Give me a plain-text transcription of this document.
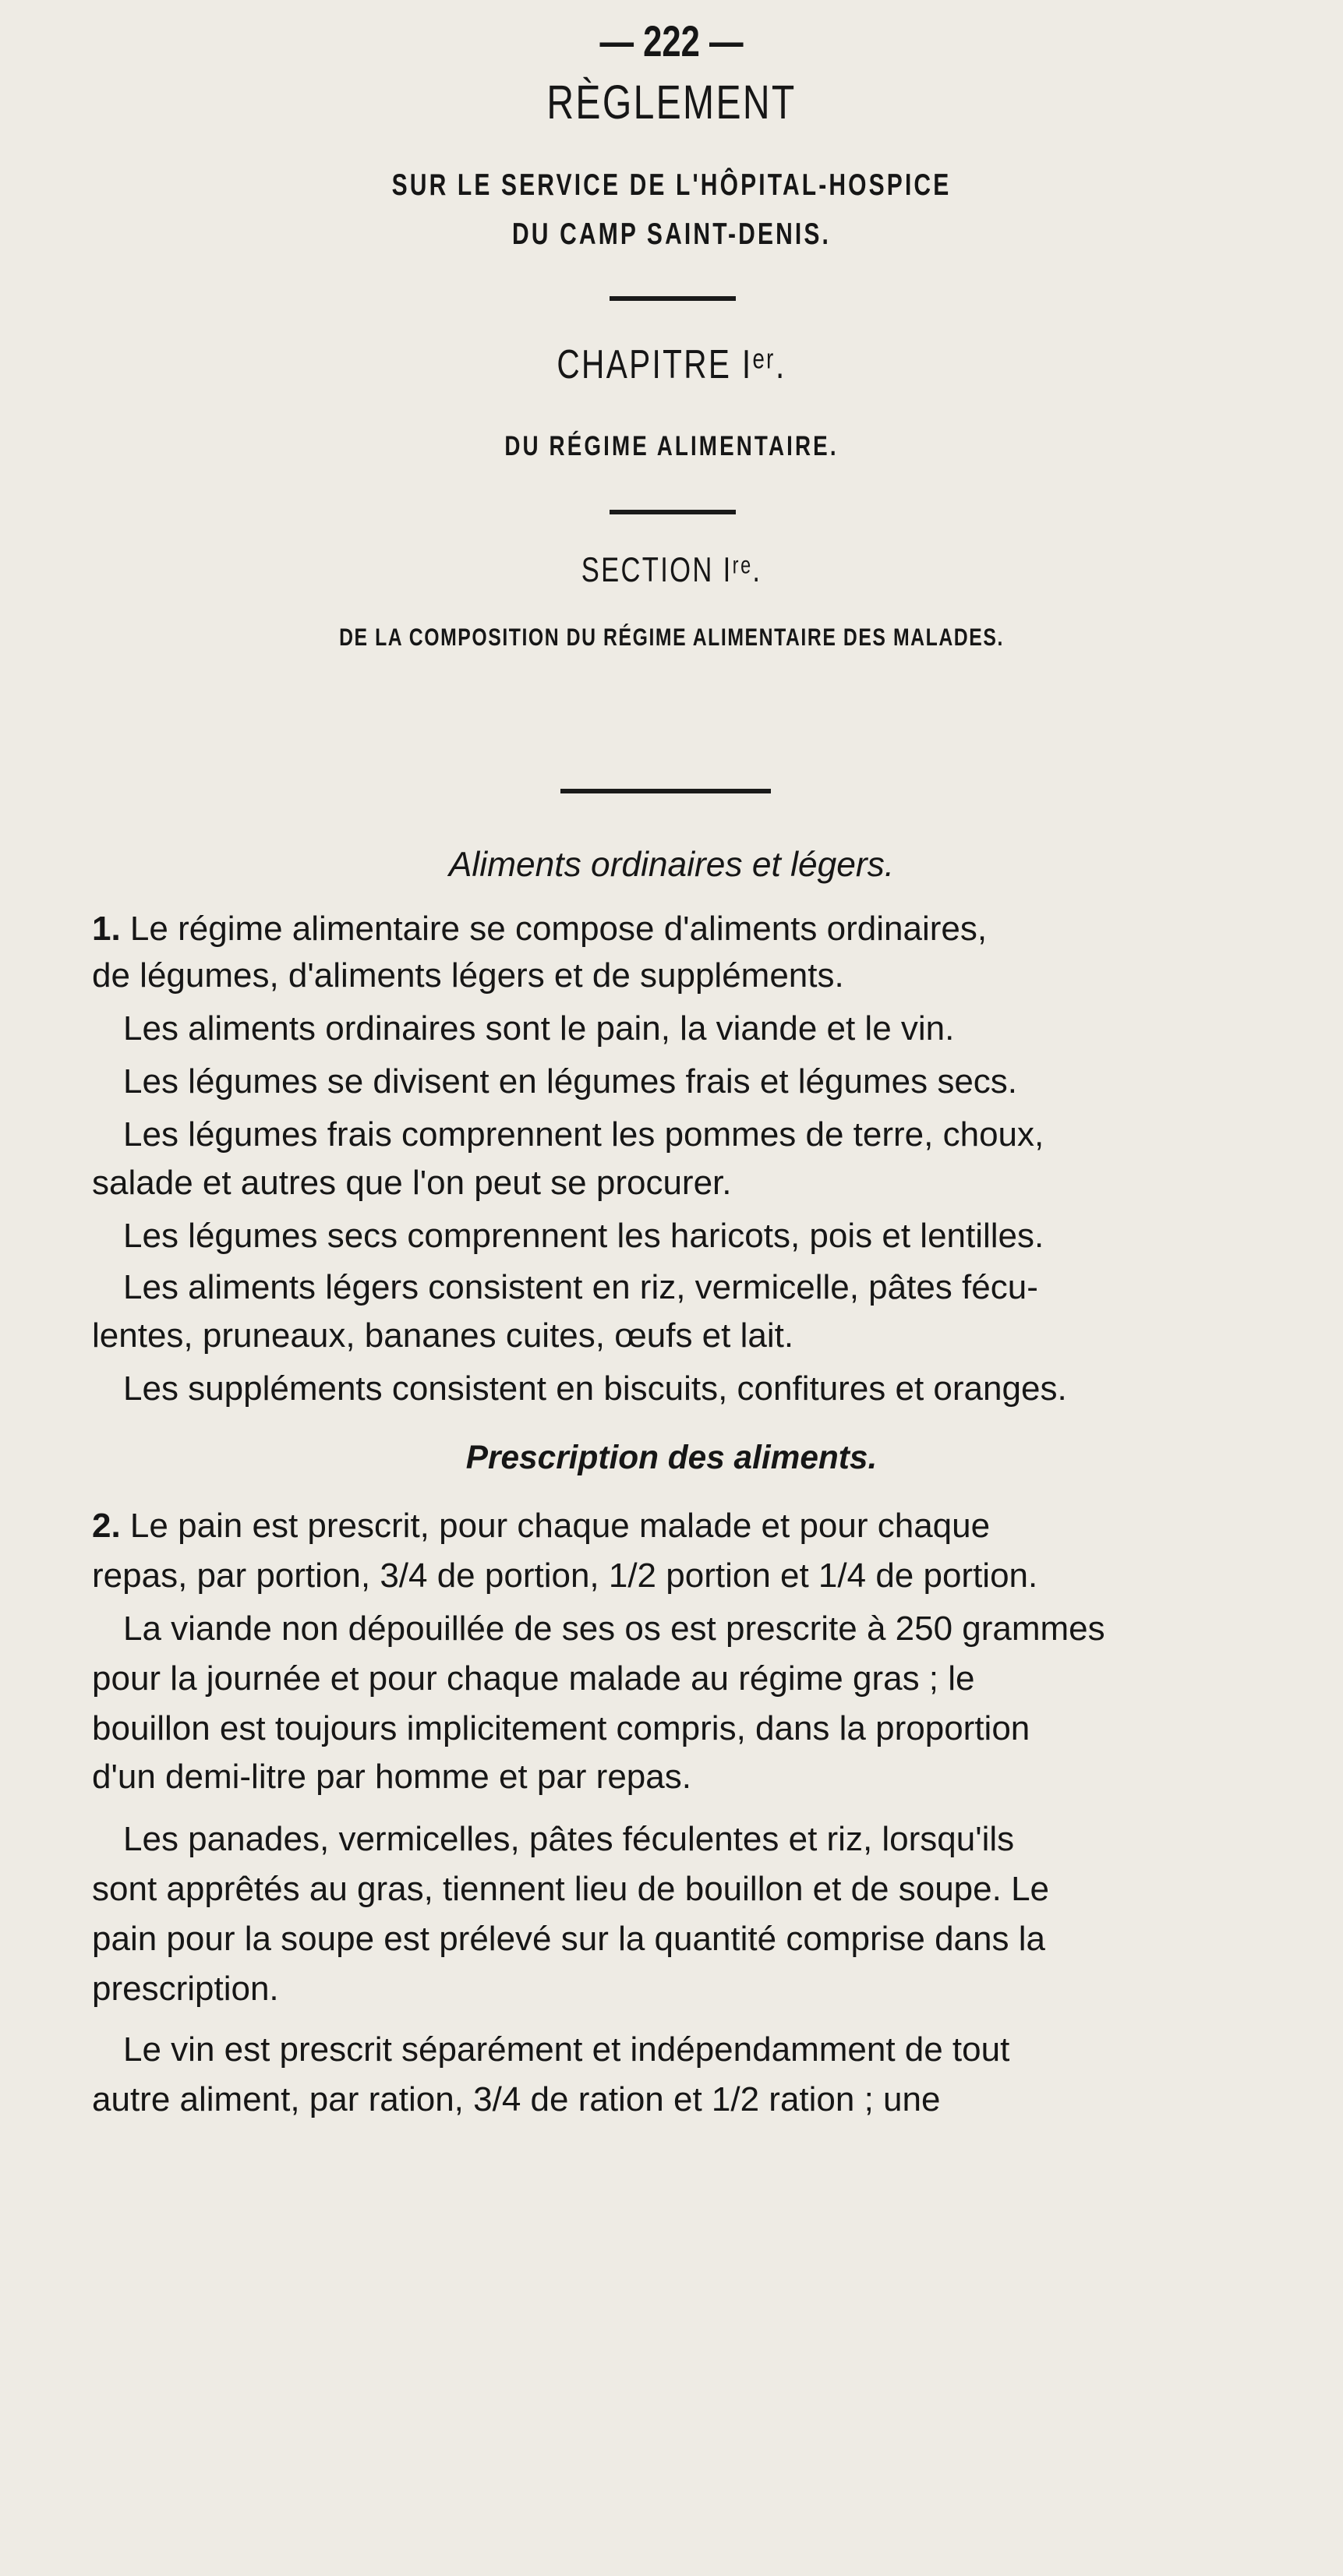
— 222 —
RÈGLEMENT
SUR LE SERVICE DE L'HÔPITAL-HOSPICE
DU CAMP SAINT-DENIS.
CHAPITRE Iᵉʳ.
DU RÉGIME ALIMENTAIRE.
SECTION Iʳᵉ.
DE LA COMPOSITION DU RÉGIME ALIMENTAIRE DES MALADES.
Aliments ordinaires et légers.
1. Le régime alimentaire se compose d'aliments ordinaires,
de légumes, d'aliments légers et de suppléments.
Les aliments ordinaires sont le pain, la viande et le vin.
Les légumes se divisent en légumes frais et légumes secs.
Les légumes frais comprennent les pommes de terre, choux,
salade et autres que l'on peut se procurer.
Les légumes secs comprennent les haricots, pois et lentilles.
Les aliments légers consistent en riz, vermicelle, pâtes fécu-
lentes, pruneaux, bananes cuites, œufs et lait.
Les suppléments consistent en biscuits, confitures et oranges.
Prescription des aliments.
2. Le pain est prescrit, pour chaque malade et pour chaque
repas, par portion, 3/4 de portion, 1/2 portion et 1/4 de portion.
La viande non dépouillée de ses os est prescrite à 250 grammes
pour la journée et pour chaque malade au régime gras ; le
bouillon est toujours implicitement compris, dans la proportion
d'un demi-litre par homme et par repas.
Les panades, vermicelles, pâtes féculentes et riz, lorsqu'ils
sont apprêtés au gras, tiennent lieu de bouillon et de soupe. Le
pain pour la soupe est prélevé sur la quantité comprise dans la
prescription.
Le vin est prescrit séparément et indépendamment de tout
autre aliment, par ration, 3/4 de ration et 1/2 ration ; une
